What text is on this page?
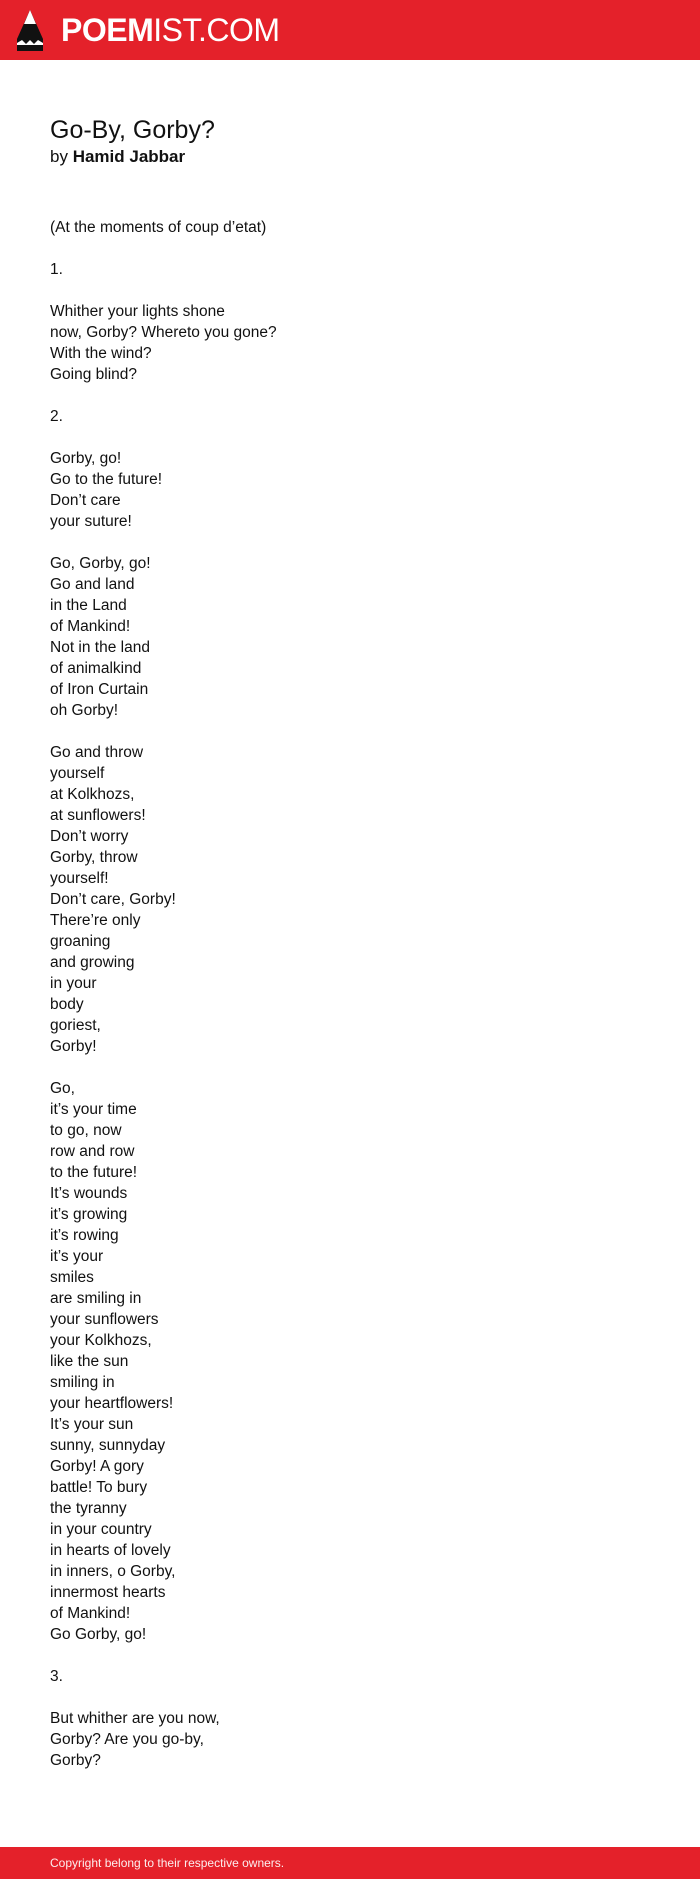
POEMIST.COM
Go-By, Gorby?
by Hamid Jabbar
(At the moments of coup d’etat)

1.

Whither your lights shone
now, Gorby? Whereto you gone?
With the wind?
Going blind?

2.

Gorby, go!
Go to the future!
Don’t care
your suture!

Go, Gorby, go!
Go and land
in the Land
of Mankind!
Not in the land
of animalkind
of Iron Curtain
oh Gorby!

Go and throw
yourself
at Kolkhozs,
at sunflowers!
Don’t worry
Gorby, throw
yourself!
Don’t care, Gorby!
There’re only
groaning
and growing
in your
body
goriest,
Gorby!

Go,
it’s your time
to go, now
row and row
to the future!
It’s wounds
it’s growing
it’s rowing
it’s your
smiles
are smiling in
your sunflowers
your Kolkhozs,
like the sun
smiling in
your heartflowers!
It’s your sun
sunny, sunnyday
Gorby! A gory
battle! To bury
the tyranny
in your country
in hearts of lovely
in inners, o Gorby,
innermost hearts
of Mankind!
Go Gorby, go!

3.

But whither are you now,
Gorby? Are you go-by,
Gorby?
Copyright belong to their respective owners.
